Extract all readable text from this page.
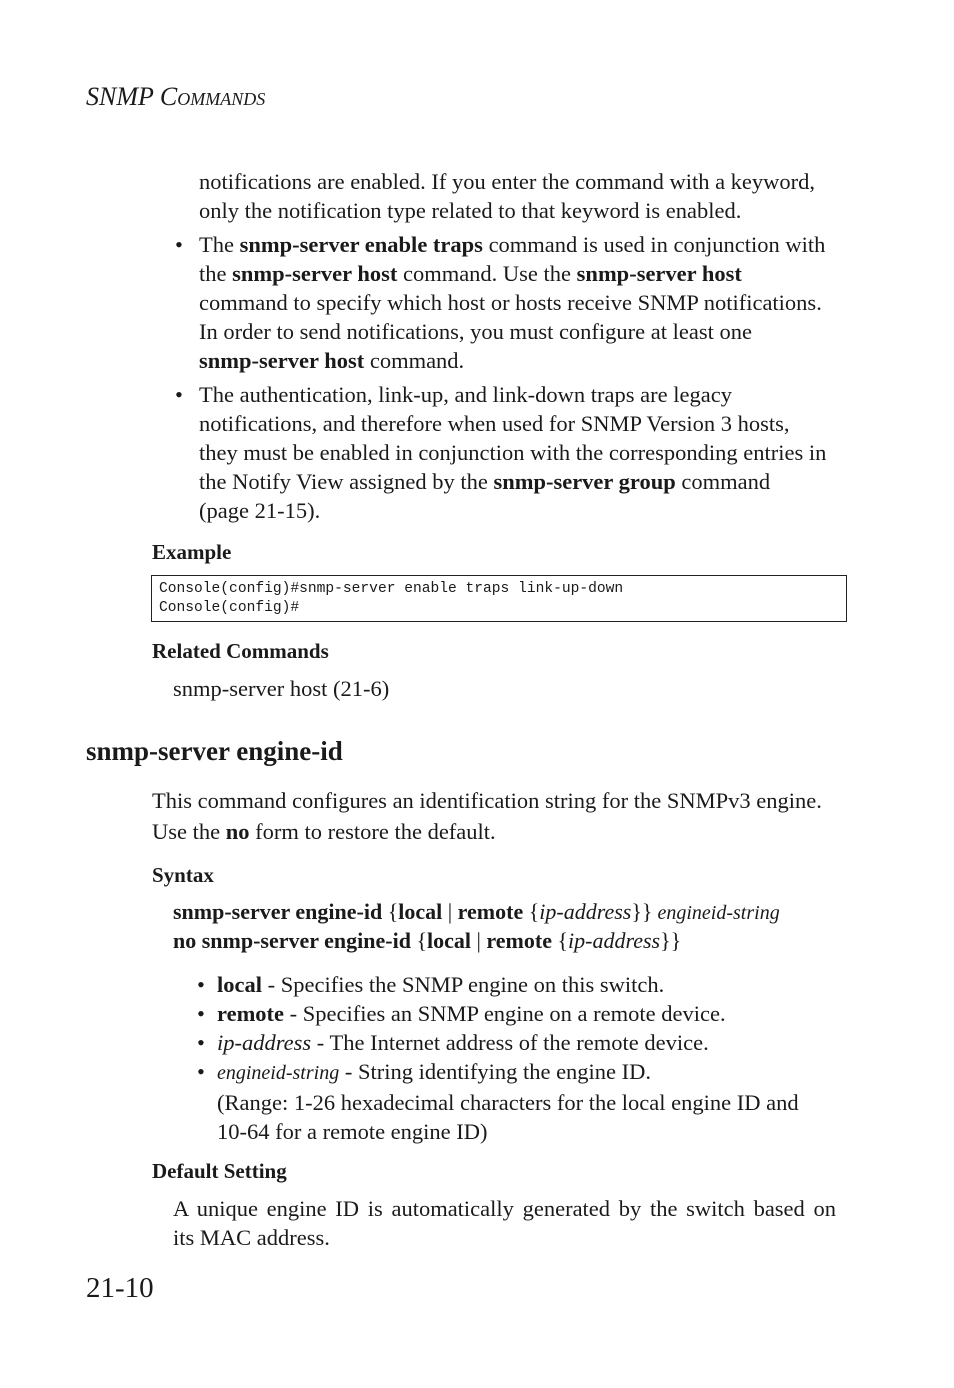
SNMP COMMANDS
notifications are enabled. If you enter the command with a keyword,
only the notification type related to that keyword is enabled.
• The snmp-server enable traps command is used in conjunction with
the snmp-server host command. Use the snmp-server host
command to specify which host or hosts receive SNMP notifications.
In order to send notifications, you must configure at least one
snmp-server host command.
• The authentication, link-up, and link-down traps are legacy
notifications, and therefore when used for SNMP Version 3 hosts,
they must be enabled in conjunction with the corresponding entries in
the Notify View assigned by the snmp-server group command
(page 21-15).
Example
Console(config)#snmp-server enable traps link-up-down
Console(config)#
Related Commands
snmp-server host (21-6)
snmp-server engine-id
This command configures an identification string for the SNMPv3 engine.
Use the no form to restore the default.
Syntax
snmp-server engine-id {local | remote {ip-address}} engineid-string
no snmp-server engine-id {local | remote {ip-address}}
• local - Specifies the SNMP engine on this switch.
• remote - Specifies an SNMP engine on a remote device.
• ip-address - The Internet address of the remote device.
• engineid-string - String identifying the engine ID.
(Range: 1-26 hexadecimal characters for the local engine ID and
10-64 for a remote engine ID)
Default Setting
A unique engine ID is automatically generated by the switch based on
its MAC address.
21-10
